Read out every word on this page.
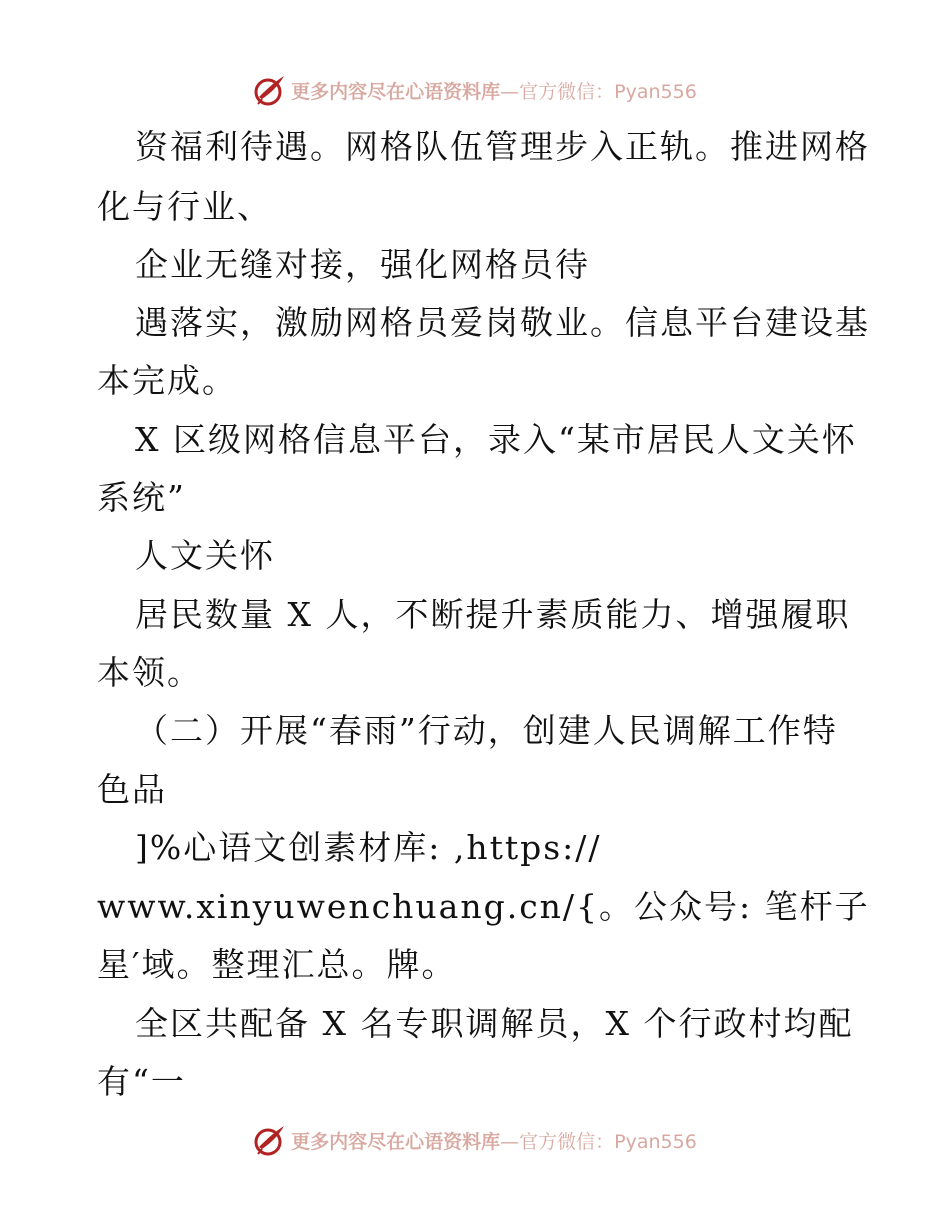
更多内容尽在心语资料库—官方微信：Pyan556
资福利待遇。网格队伍管理步入正轨。推进网格
化与行业、
企业无缝对接，强化网格员待
遇落实，激励网格员爱岗敬业。信息平台建设基
本完成。
X 区级网格信息平台，录入“某市居民人文关怀
系统”
人文关怀
居民数量 X 人，不断提升素质能力、增强履职
本领。
（二）开展“春雨”行动，创建人民调解工作特
色品
]%心语文创素材库: ,https://
www.xinyuwenchuang.cn/{。公众号: 笔杆子
星′域。整理汇总。牌。
全区共配备 X 名专职调解员，X 个行政村均配
有“一
更多内容尽在心语资料库—官方微信：Pyan556
